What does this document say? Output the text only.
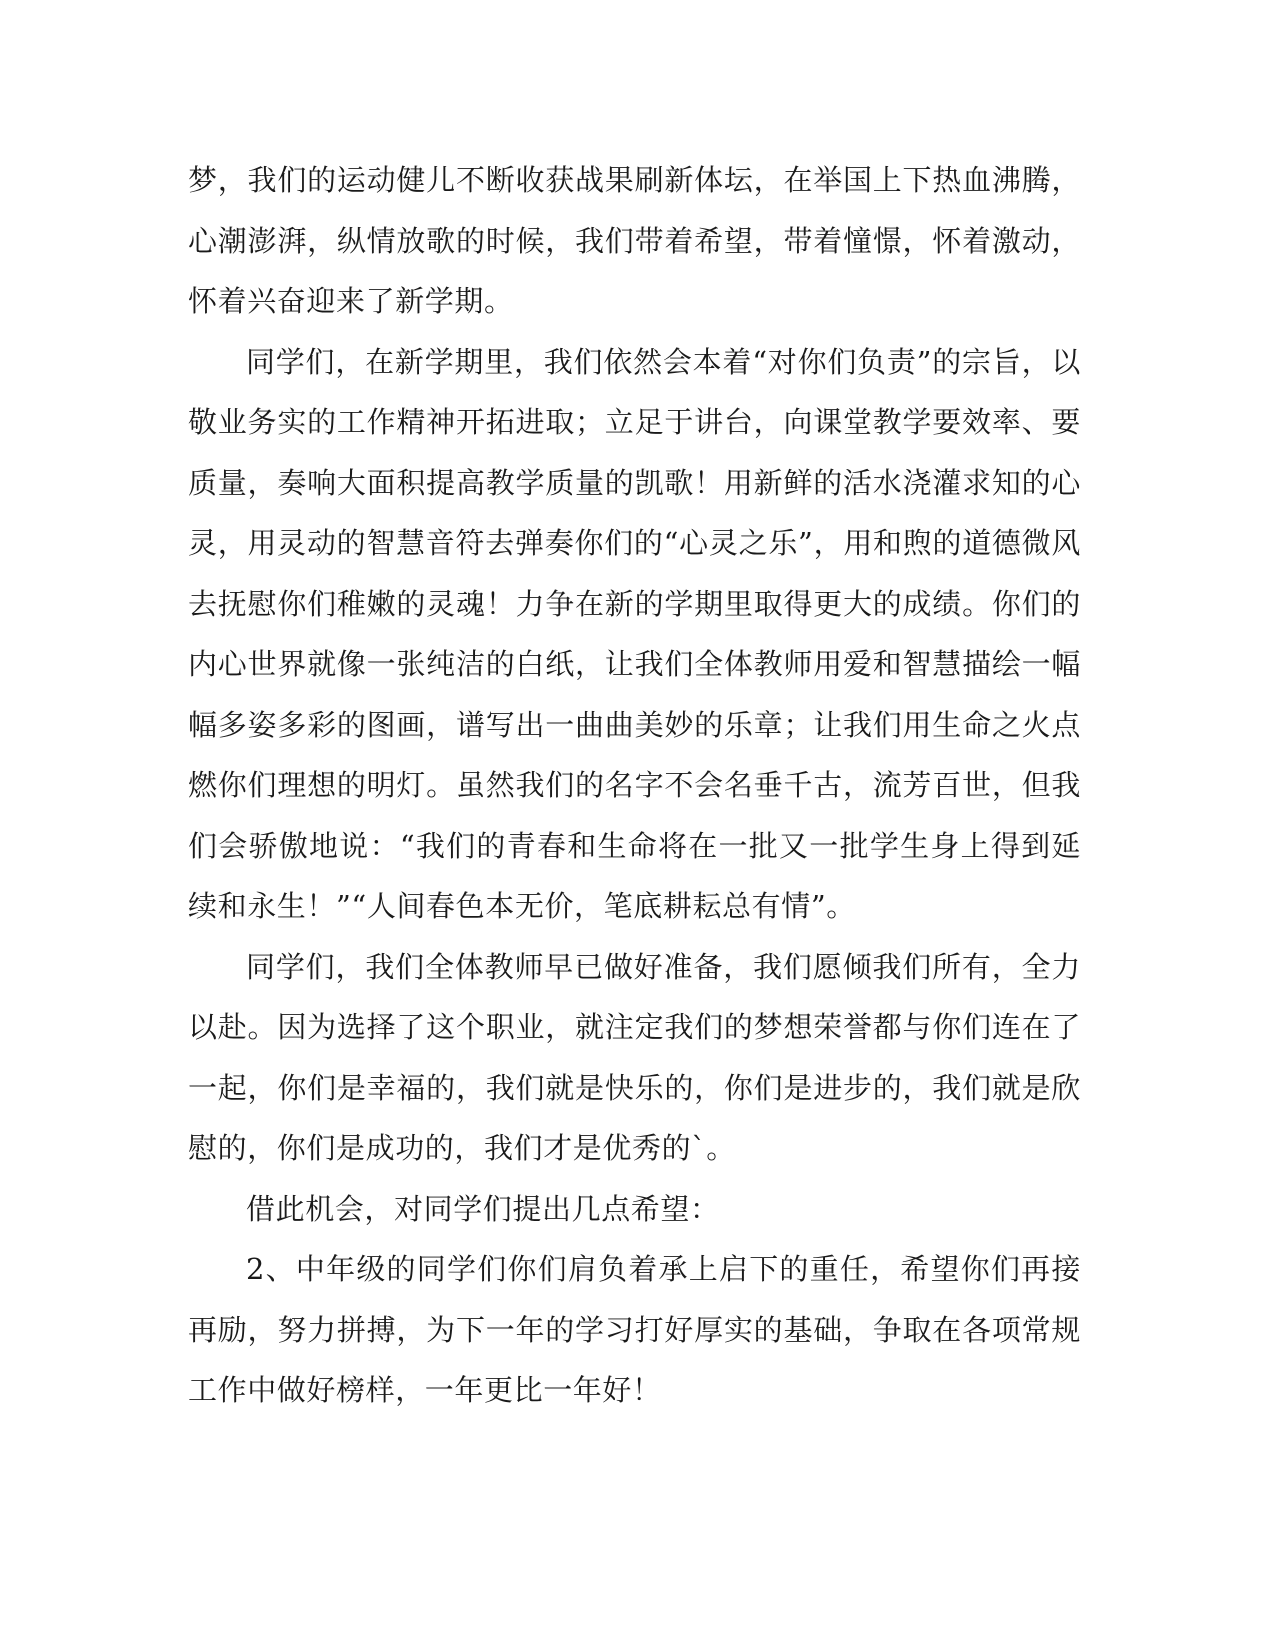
梦，我们的运动健儿不断收获战果刷新体坛，在举国上下热血沸腾，心潮澎湃，纵情放歌的时候，我们带着希望，带着憧憬，怀着激动，怀着兴奋迎来了新学期。

同学们，在新学期里，我们依然会本着“对你们负责”的宗旨，以敬业务实的工作精神开拓进取；立足于讲台，向课堂教学要效率、要质量，奏响大面积提高教学质量的凯歌！用新鲜的活水浇灌求知的心灵，用灵动的智慧音符去弹奏你们的“心灵之乐”，用和煦的道德微风去抚慰你们稚嫩的灵魂！力争在新的学期里取得更大的成绩。你们的内心世界就像一张纯洁的白纸，让我们全体教师用爱和智慧描绘一幅幅多姿多彩的图画，谱写出一曲曲美妙的乐章；让我们用生命之火点燃你们理想的明灯。虽然我们的名字不会名垂千古，流芳百世，但我们会骄傲地说：“我们的青春和生命将在一批又一批学生身上得到延续和永生！”“人间春色本无价，笔底耕耘总有情”。

同学们，我们全体教师早已做好准备，我们愿倾我们所有，全力以赴。因为选择了这个职业，就注定我们的梦想荣誉都与你们连在了一起，你们是幸福的，我们就是快乐的，你们是进步的，我们就是欣慰的，你们是成功的，我们才是优秀的`。

借此机会，对同学们提出几点希望：

2、中年级的同学们你们肩负着承上启下的重任，希望你们再接再励，努力拼搏，为下一年的学习打好厚实的基础，争取在各项常规工作中做好榜样，一年更比一年好！
